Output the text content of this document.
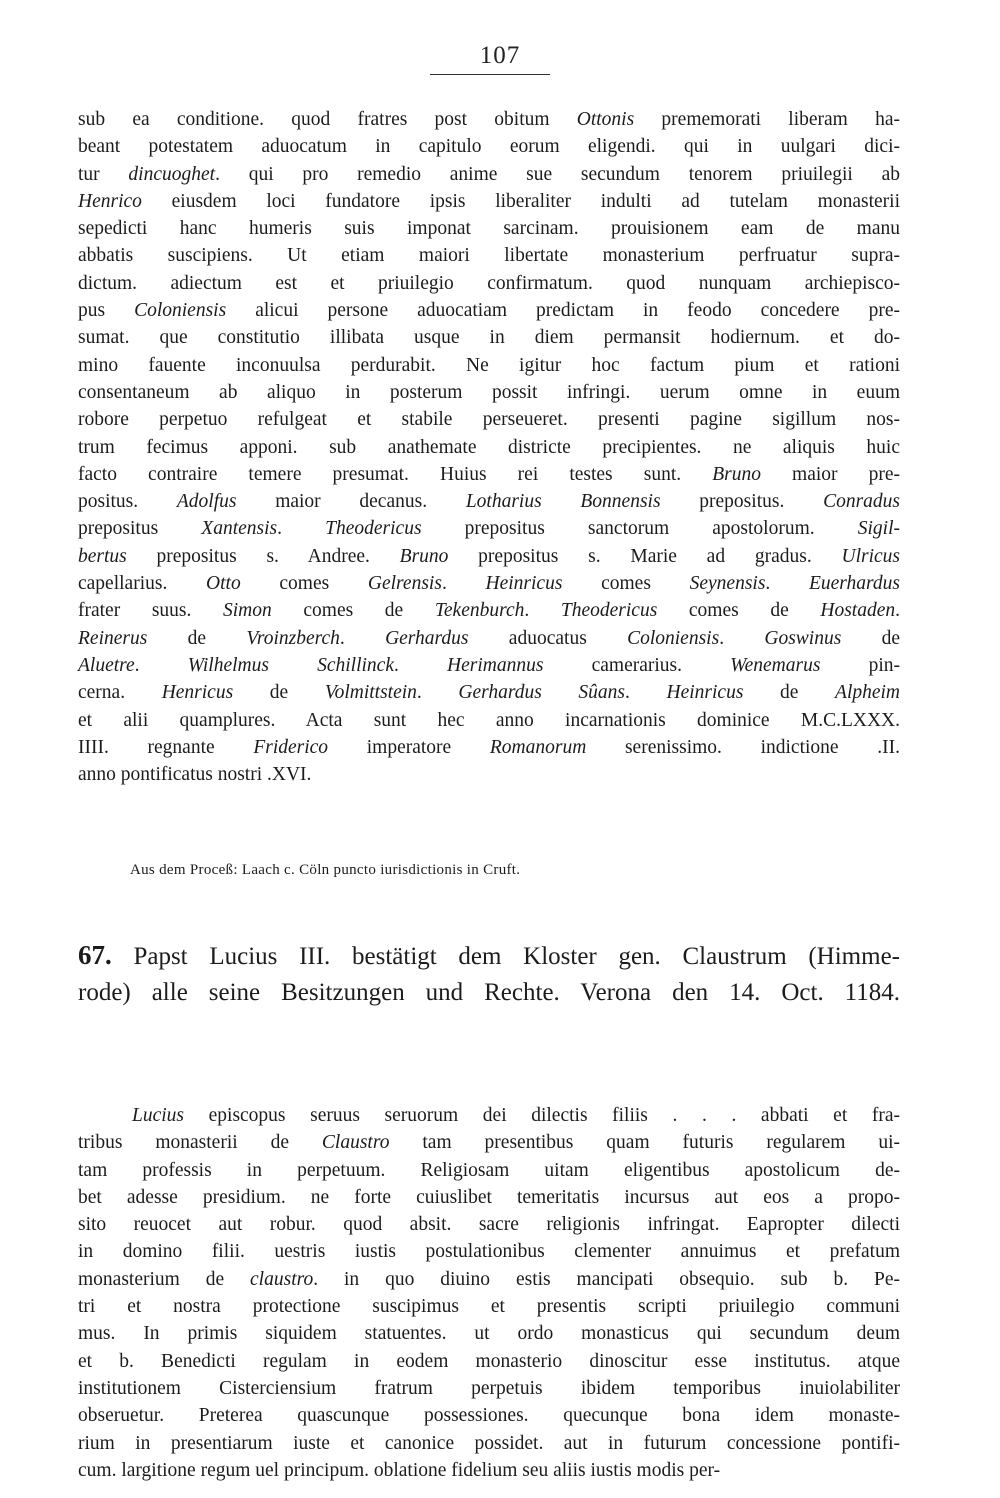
107
sub ea conditione. quod fratres post obitum Ottonis prememorati liberam ha-
beant potestatem aduocatum in capitulo eorum eligendi. qui in uulgari dici-
tur dincuoghet. qui pro remedio anime sue secundum tenorem priuilegii ab
Henrico eiusdem loci fundatore ipsis liberaliter indulti ad tutelam monasterii
sepedicti hanc humeris suis imponat sarcinam. prouisionem eam de manu
abbatis suscipiens. Ut etiam maiori libertate monasterium perfruatur supra-
dictum. adiectum est et priuilegio confirmatum. quod nunquam archiepisco-
pus Coloniensis alicui persone aduocatiam predictam in feodo concedere pre-
sumat. que constitutio illibata usque in diem permansit hodiernum. et do-
mino fauente inconuulsa perdurabit. Ne igitur hoc factum pium et rationi
consentaneum ab aliquo in posterum possit infringi. uerum omne in euum
robore perpetuo refulgeat et stabile perseueret. presenti pagine sigillum nos-
trum fecimus apponi. sub anathemate districte precipientes. ne aliquis huic
facto contraire temere presumat. Huius rei testes sunt. Bruno maior pre-
positus. Adolfus maior decanus. Lotharius Bonnensis prepositus. Conradus
prepositus Xantensis. Theodericus prepositus sanctorum apostolorum. Sigil-
bertus prepositus s. Andree. Bruno prepositus s. Marie ad gradus. Ulricus
capellarius. Otto comes Gelrensis. Heinricus comes Seynensis. Euerhardus
frater suus. Simon comes de Tekenburch. Theodericus comes de Hostaden.
Reinerus de Vroinzberch. Gerhardus aduocatus Coloniensis. Goswinus de
Aluetre. Wilhelmus Schillinck. Herimannus camerarius. Wenemarus pin-
cerna. Henricus de Volmittstein. Gerhardus Sûans. Heinricus de Alpheim
et alii quamplures. Acta sunt hec anno incarnationis dominice M.C.LXXX.
IIII. regnante Friderico imperatore Romanorum serenissimo. indictione .II.
anno pontificatus nostri .XVI.
Aus dem Proceß: Laach c. Cöln puncto iurisdictionis in Cruft.
67. Papst Lucius III. bestätigt dem Kloster gen. Claustrum (Himme-
rode) alle seine Besitzungen und Rechte. Verona den 14. Oct. 1184.
Lucius episcopus seruus seruorum dei dilectis filiis . . . abbati et fra-
tribus monasterii de Claustro tam presentibus quam futuris regularem ui-
tam professis in perpetuum. Religiosam uitam eligentibus apostolicum de-
bet adesse presidium. ne forte cuiuslibet temeritatis incursus aut eos a propo-
sito reuocet aut robur. quod absit. sacre religionis infringat. Eapropter dilecti
in domino filii. uestris iustis postulationibus clementer annuimus et prefatum
monasterium de claustro. in quo diuino estis mancipati obsequio. sub b. Pe-
tri et nostra protectione suscipimus et presentis scripti priuilegio communi
mus. In primis siquidem statuentes. ut ordo monasticus qui secundum deum
et b. Benedicti regulam in eodem monasterio dinoscitur esse institutus. atque
institutionem Cisterciensium fratrum perpetuis ibidem temporibus inuiolabiliter
obseruetur. Preterea quascunque possessiones. quecunque bona idem monaste-
rium in presentiarum iuste et canonice possidet. aut in futurum concessione pontifi-
cum. largitione regum uel principum. oblatione fidelium seu aliis iustis modis per-
